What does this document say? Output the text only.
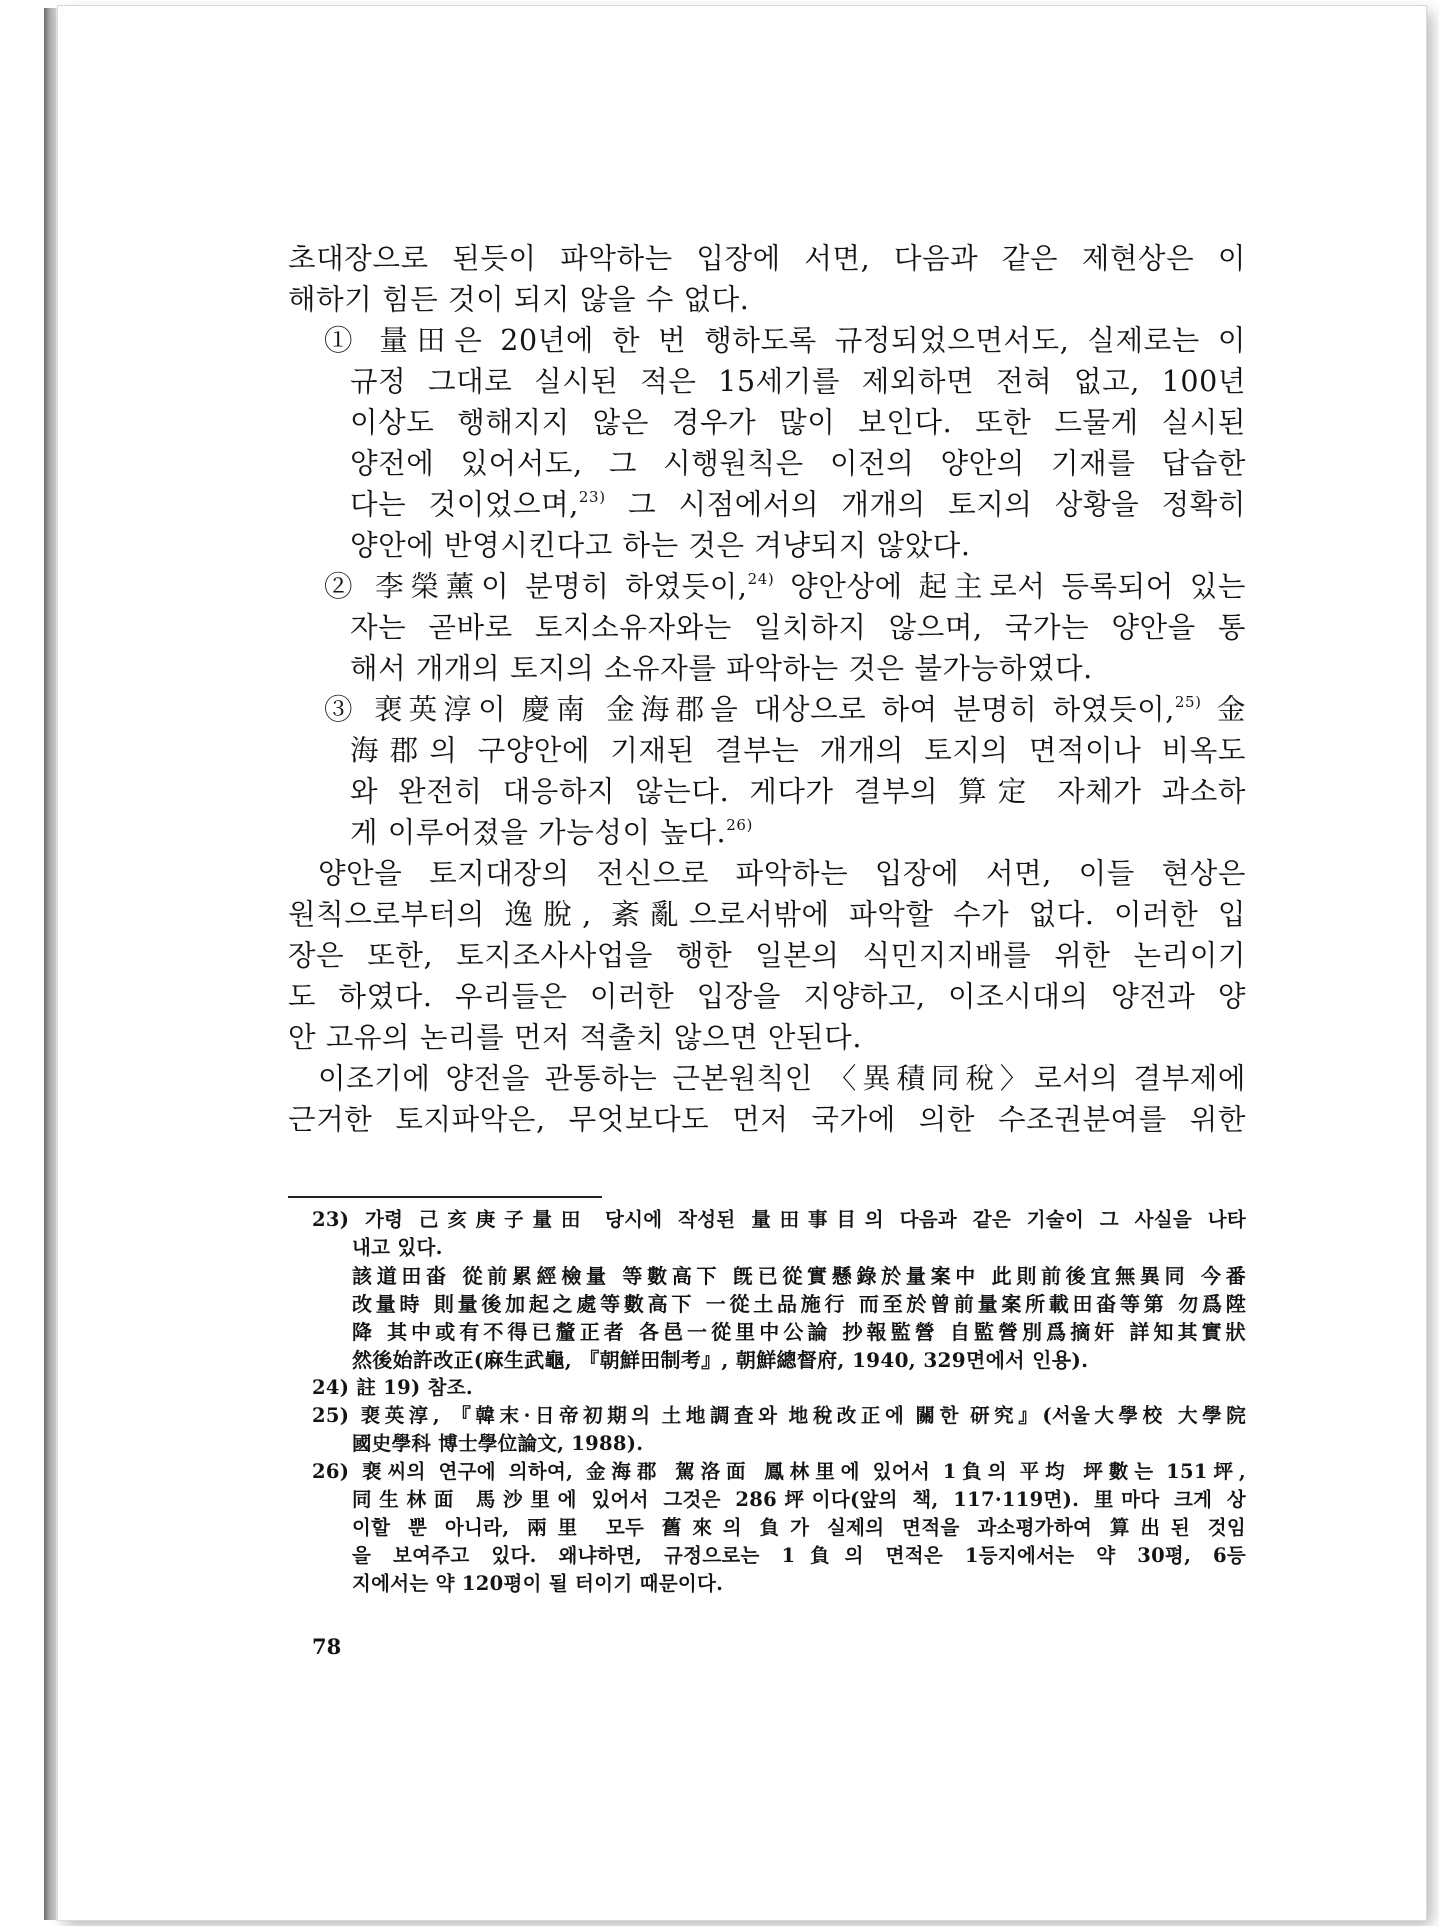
초대장으로 된듯이 파악하는 입장에 서면, 다음과 같은 제현상은 이
해하기 힘든 것이 되지 않을 수 없다.
① 量田은 20년에 한 번 행하도록 규정되었으면서도, 실제로는 이
규정 그대로 실시된 적은 15세기를 제외하면 전혀 없고, 100년
이상도 행해지지 않은 경우가 많이 보인다. 또한 드물게 실시된
양전에 있어서도, 그 시행원칙은 이전의 양안의 기재를 답습한
다는 것이었으며,$^{23)}$ 그 시점에서의 개개의 토지의 상황을 정확히
양안에 반영시킨다고 하는 것은 겨냥되지 않았다.
② 李榮薰이 분명히 하였듯이,$^{24)}$ 양안상에 起主로서 등록되어 있는
자는 곧바로 토지소유자와는 일치하지 않으며, 국가는 양안을 통
해서 개개의 토지의 소유자를 파악하는 것은 불가능하였다.
③ 裵英淳이 慶南 金海郡을 대상으로 하여 분명히 하였듯이,$^{25)}$ 金
海郡의 구양안에 기재된 결부는 개개의 토지의 면적이나 비옥도
와 완전히 대응하지 않는다. 게다가 결부의 算定 자체가 과소하
게 이루어졌을 가능성이 높다.$^{26)}$
양안을 토지대장의 전신으로 파악하는 입장에 서면, 이들 현상은
원칙으로부터의 逸脫, 紊亂으로서밖에 파악할 수가 없다. 이러한 입
장은 또한, 토지조사사업을 행한 일본의 식민지지배를 위한 논리이기
도 하였다. 우리들은 이러한 입장을 지양하고, 이조시대의 양전과 양
안 고유의 논리를 먼저 적출치 않으면 안된다.
이조기에 양전을 관통하는 근본원칙인 〈異積同稅〉로서의 결부제에
근거한 토지파악은, 무엇보다도 먼저 국가에 의한 수조권분여를 위한
23) 가령 己亥庚子量田 당시에 작성된 量田事目의 다음과 같은 기술이 그 사실을 나타
내고 있다.
該道田畓 從前累經檢量 等數高下 旣已從實懸錄於量案中 此則前後宜無異同 今番
改量時 則量後加起之處等數高下 一從土品施行 而至於曾前量案所載田畓等第 勿爲陞
降 其中或有不得已釐正者 各邑一從里中公論 抄報監營 自監營別爲摘奸 詳知其實狀
然後始許改正(麻生武龜, 『朝鮮田制考』, 朝鮮總督府, 1940, 329면에서 인용).
24) 註 19) 참조.
25) 裵英淳, 『韓末·日帝初期의 土地調査와 地稅改正에 關한 研究』(서울大學校 大學院
國史學科 博士學位論文, 1988).
26) 裵씨의 연구에 의하여, 金海郡 駕洛面 鳳林里에 있어서 1負의 平均 坪數는 151坪,
同生林面 馬沙里에 있어서 그것은 286坪이다(앞의 책, 117·119면). 里마다 크게 상
이할 뿐 아니라, 兩里 모두 舊來의 負가 실제의 면적을 과소평가하여 算出된 것임
을 보여주고 있다. 왜냐하면, 규정으로는 1負의 면적은 1등지에서는 약 30평, 6등
지에서는 약 120평이 될 터이기 때문이다.
78
